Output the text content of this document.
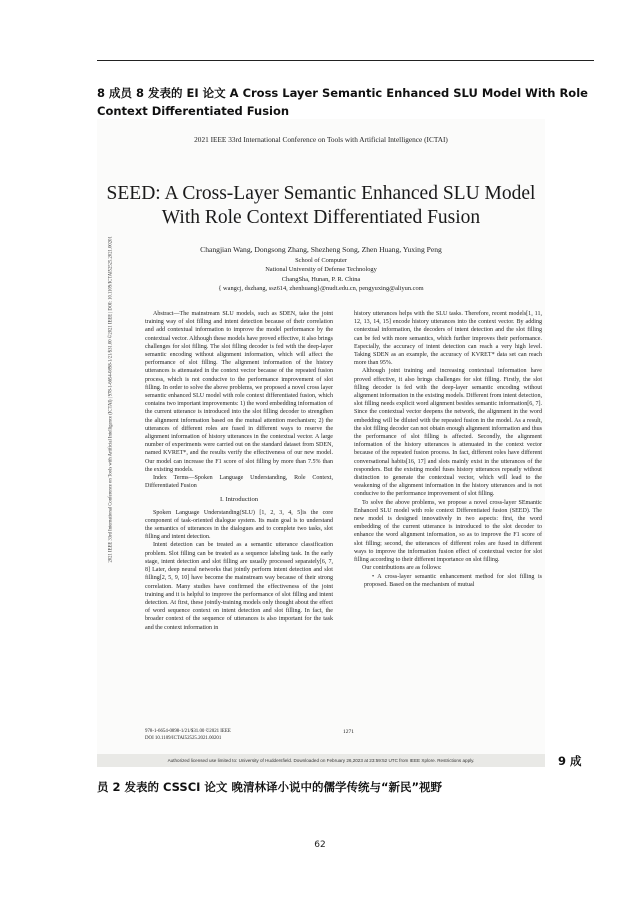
8 成员 8 发表的 EI 论文 A Cross Layer Semantic Enhanced SLU Model With Role Context Differentiated Fusion
2021 IEEE 33rd International Conference on Tools with Artificial Intelligence (ICTAI)
SEED: A Cross-Layer Semantic Enhanced SLU Model With Role Context Differentiated Fusion
Changjian Wang, Dongsong Zhang, Shezheng Song, Zhen Huang, Yuxing Peng
School of Computer
National University of Defense Technology
ChangSha, Hunan, P. R. China
{ wangcj, dszhang, ssz614, zhenhuang}@nudt.edu.cn, pengyuxing@aliyun.com
2021 IEEE 33rd International Conference on Tools with Artificial Intelligence (ICTAI) | 978-1-6654-0898-1/21/$31.00 ©2021 IEEE | DOI: 10.1109/ICTAI52525.2021.00201	Abstract—The mainstream SLU models, such as SDEN, take the joint training way of slot filling and intent detection because of their correlation and add contextual information to improve the model performance by the contextual vector. Although these models have proved effective, it also brings challenges for slot filling. The slot filling decoder is fed with the deep-layer semantic encoding without alignment information, which will affect the performance of slot filling. The alignment information of the history utterances is attenuated in the context vector because of the repeated fusion process, which is not conducive to the performance improvement of slot filling. In order to solve the above problems, we proposed a novel cross layer semantic enhanced SLU model with role context differentiated fusion, which contains two important improvements: 1) the word embedding information of the current utterance is introduced into the slot filling decoder to strengthen the alignment information based on the mutual attention mechanism; 2) the utterances of different roles are fused in different ways to reserve the alignment information of history utterances in the contextual vector. A large number of experiments were carried out on the standard dataset from SDEN, named KVRET*, and the results verify the effectiveness of our new model. Our model can increase the F1 score of slot filling by more than 7.5% than the existing models.

Index Terms—Spoken Language Understanding, Role Context, Differentiated Fusion

I. Introduction

Spoken Language Understanding(SLU) [1, 2, 3, 4, 5]is the core component of task-oriented dialogue system. Its main goal is to understand the semantics of utterances in the dialogues and to complete two tasks, slot filling and intent detection.

Intent detection can be treated as a semantic utterance classification problem. Slot filling can be treated as a sequence labeling task. In the early stage, intent detection and slot filling are usually processed separately[6, 7, 8] Later, deep neural networks that jointly perform intent detection and slot filling[2, 5, 9, 10] have become the mainstream way because of their strong correlation. Many studies have confirmed the effectiveness of the joint training and it is helpful to improve the performance of slot filling and intent detection. At first, these jointly-training models only thought about the effect of word sequence context on intent detection and slot filling. In fact, the broader context of the sequence of utterances is also important for the task and the context information in

history utterances helps with the SLU tasks. Therefore, recent models[1, 11, 12, 13, 14, 15] encode history utterances into the context vector. By adding contextual information, the decoders of intent detection and the slot filling can be fed with more semantics, which further improves their performance. Especially, the accuracy of intent detection can reach a very high level. Taking SDEN as an example, the accuracy of KVRET* data set can reach more than 95%.

Although joint training and increasing contextual information have proved effective, it also brings challenges for slot filling. Firstly, the slot filling decoder is fed with the deep-layer semantic encoding without alignment information in the existing models. Different from intent detection, slot filling needs explicit word alignment besides semantic information[6, 7]. Since the contextual vector deepens the network, the alignment in the word embedding will be diluted with the repeated fusion in the model. As a result, the slot filling decoder can not obtain enough alignment information and thus the performance of slot filling is affected. Secondly, the alignment information of the history utterances is attenuated in the context vector because of the repeated fusion process. In fact, different roles have different conversational habits[16, 17] and slots mainly exist in the utterances of the responders. But the existing model fuses history utterances repeatly without distinction to generate the contextual vector, which will lead to the weakening of the alignment information in the history utterances and is not conducive to the performance improvement of slot filling.

To solve the above problems, we propose a novel cross-layer SEmantic Enhanced SLU model with role context Differentiated fusion (SEED). The new model is designed innovatively in two aspects: first, the word embedding of the current utterance is introduced to the slot decoder to enhance the word alignment information, so as to improve the F1 score of slot filling; second, the utterances of different roles are fused in different ways to improve the information fusion effect of contextual vector for slot filling according to their different importance on slot filling.

Our contributions are as follows:

• A cross-layer semantic enhancement method for slot filling is proposed. Based on the mechanism of mutual

978-1-6654-0898-1/21/$31.00 ©2021 IEEE
DOI 10.1109/ICTAI52525.2021.00201
1271
Authorized licensed use limited to: University of Huddersfield. Downloaded on February 26,2023 at 23:59:52 UTC from IEEE Xplore. Restrictions apply.	9 成
员 2 发表的 CSSCI 论文 晚清林译小说中的儒学传统与“新民”视野
62
